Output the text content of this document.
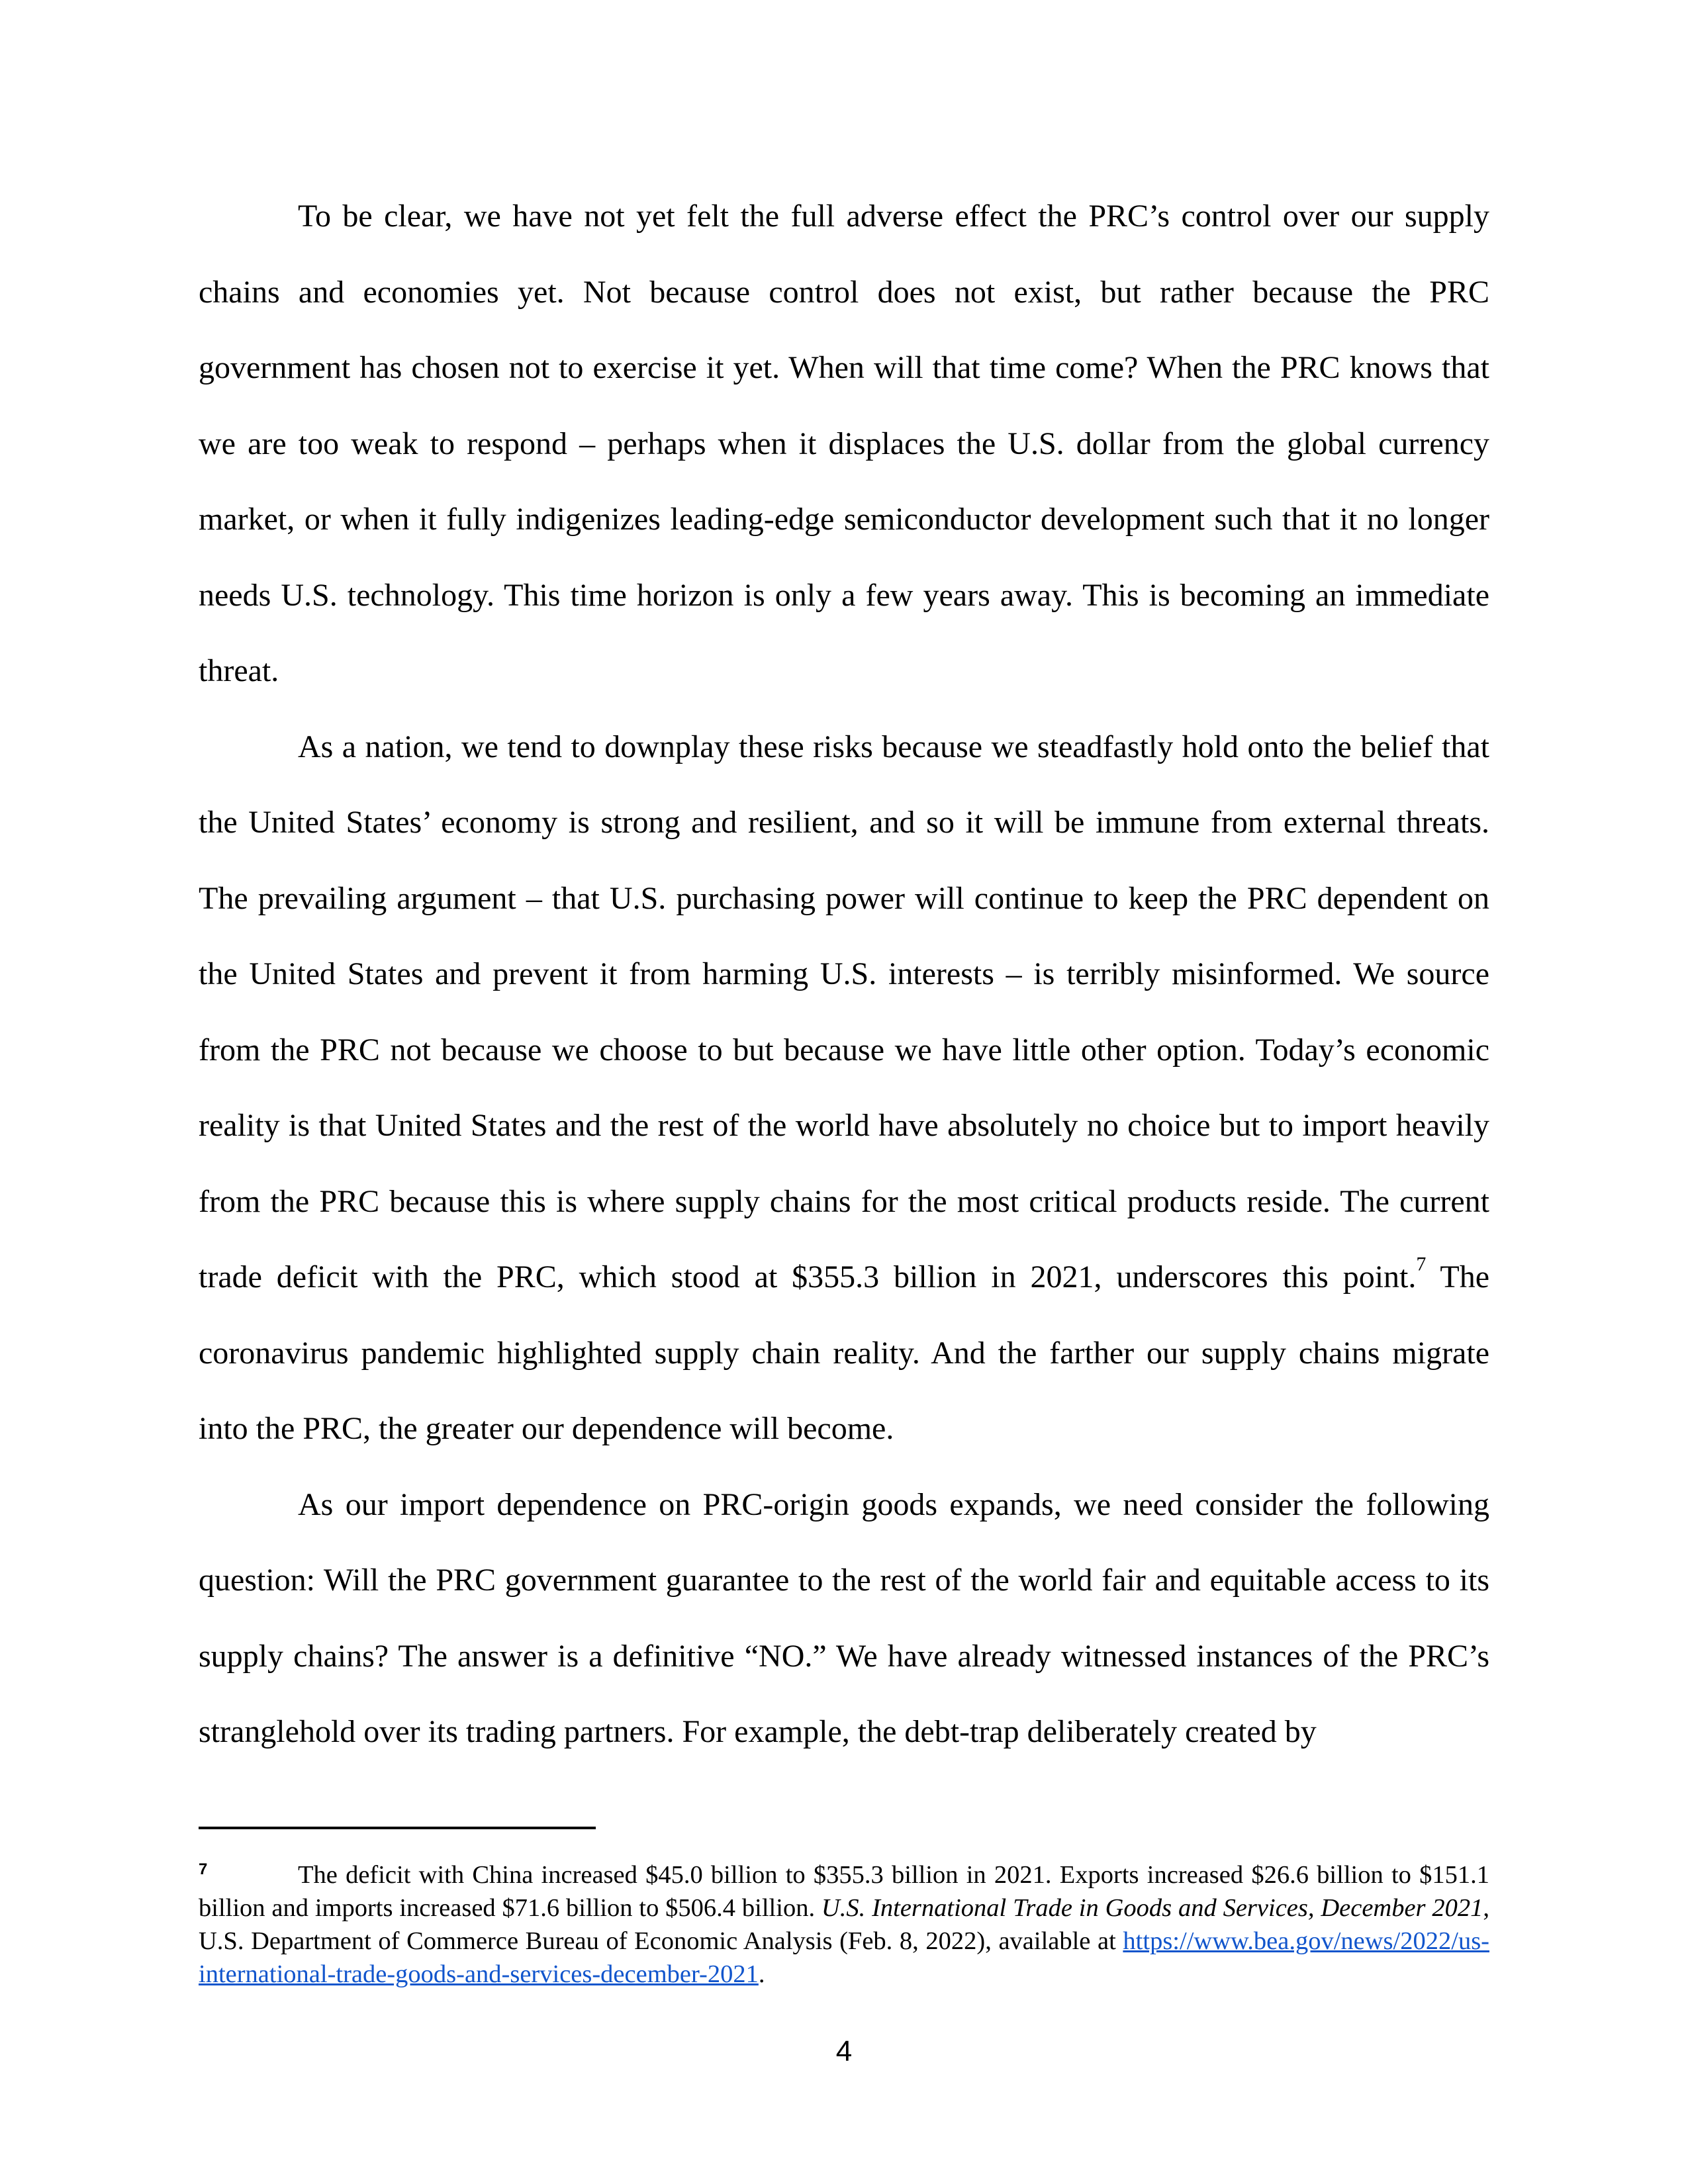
To be clear, we have not yet felt the full adverse effect the PRC’s control over our supply chains and economies yet. Not because control does not exist, but rather because the PRC government has chosen not to exercise it yet. When will that time come? When the PRC knows that we are too weak to respond – perhaps when it displaces the U.S. dollar from the global currency market, or when it fully indigenizes leading-edge semiconductor development such that it no longer needs U.S. technology. This time horizon is only a few years away. This is becoming an immediate threat.

As a nation, we tend to downplay these risks because we steadfastly hold onto the belief that the United States’ economy is strong and resilient, and so it will be immune from external threats. The prevailing argument – that U.S. purchasing power will continue to keep the PRC dependent on the United States and prevent it from harming U.S. interests – is terribly misinformed. We source from the PRC not because we choose to but because we have little other option. Today’s economic reality is that United States and the rest of the world have absolutely no choice but to import heavily from the PRC because this is where supply chains for the most critical products reside. The current trade deficit with the PRC, which stood at $355.3 billion in 2021, underscores this point.$^7$ The coronavirus pandemic highlighted supply chain reality. And the farther our supply chains migrate into the PRC, the greater our dependence will become.

As our import dependence on PRC-origin goods expands, we need consider the following question: Will the PRC government guarantee to the rest of the world fair and equitable access to its supply chains? The answer is a definitive “NO.” We have already witnessed instances of the PRC’s stranglehold over its trading partners. For example, the debt-trap deliberately created by

7	The deficit with China increased $45.0 billion to $355.3 billion in 2021. Exports increased $26.6 billion to $151.1 billion and imports increased $71.6 billion to $506.4 billion. U.S. International Trade in Goods and Services, December 2021, U.S. Department of Commerce Bureau of Economic Analysis (Feb. 8, 2022), available at https://www.bea.gov/news/2022/us-international-trade-goods-and-services-december-2021.

4
